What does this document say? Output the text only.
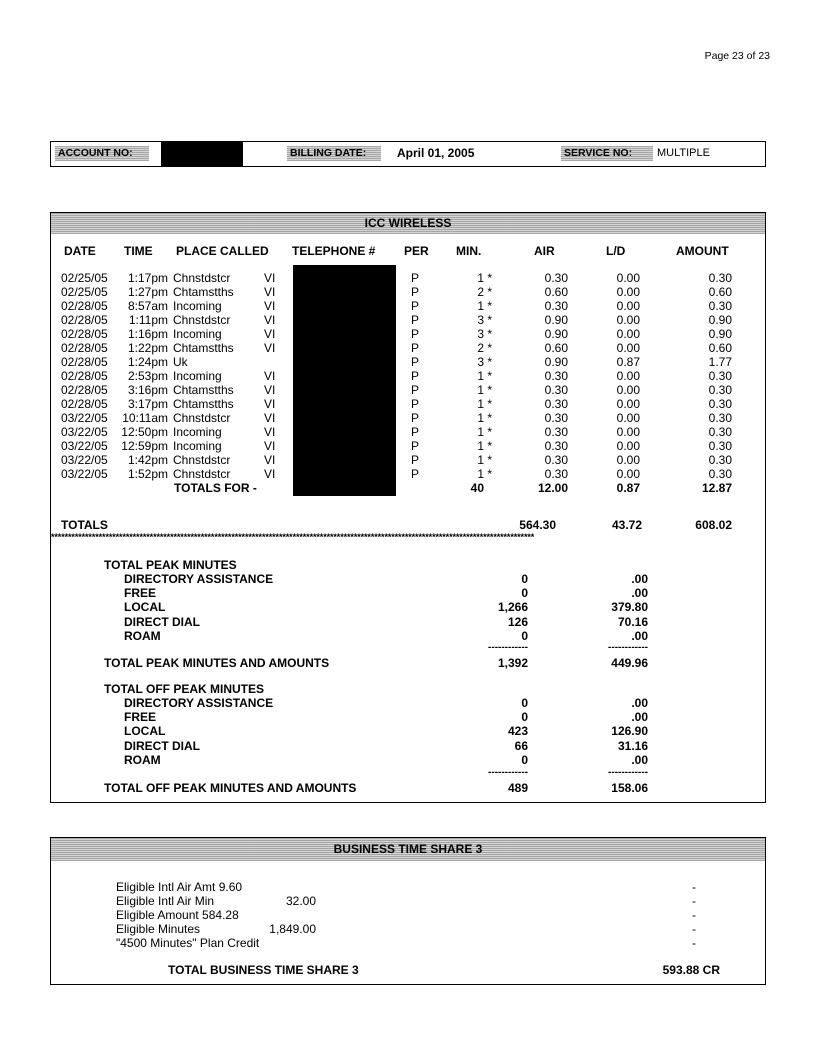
Page 23 of 23
ACCOUNT NO:	BILLING DATE:	April 01, 2005	SERVICE NO:	MULTIPLE
ICC WIRELESS
DATE TIME PLACE CALLED TELEPHONE # PER MIN.	AIR	L/D	AMOUNT
02/25/05	1:17pm Chnstdstcr	VI	P	1 *	0.30	0.00	0.30
02/25/05	1:27pm Chtamstths	VI	P	2 *	0.60	0.00	0.60
02/28/05	8:57am Incoming	VI	P	1 *	0.30	0.00	0.30
02/28/05	1:11pm Chnstdstcr	VI	P	3 *	0.90	0.00	0.90
02/28/05	1:16pm Incoming	VI	P	3 *	0.90	0.00	0.90
02/28/05	1:22pm Chtamstths	VI	P	2 *	0.60	0.00	0.60
02/28/05	1:24pm Uk	P	3 *	0.90	0.87	1.77
02/28/05	2:53pm Incoming	VI	P	1 *	0.30	0.00	0.30
02/28/05	3:16pm Chtamstths	VI	P	1 *	0.30	0.00	0.30
02/28/05	3:17pm Chtamstths	VI	P	1 *	0.30	0.00	0.30
03/22/05	10:11am Chnstdstcr	VI	P	1 *	0.30	0.00	0.30
03/22/05	12:50pm Incoming	VI	P	1 *	0.30	0.00	0.30
03/22/05	12:59pm Incoming	VI	P	1 *	0.30	0.00	0.30
03/22/05	1:42pm Chnstdstcr	VI	P	1 *	0.30	0.00	0.30
03/22/05	1:52pm Chnstdstcr	VI	P	1 *	0.30	0.00	0.30
TOTALS FOR -	40	12.00	0.87	12.87
TOTALS	564.30	43.72	608.02
**********************************************************************************************************************************************
TOTAL PEAK MINUTES
DIRECTORY ASSISTANCE	0	.00
FREE	0	.00
LOCAL	1,266	379.80
DIRECT DIAL	126	70.16
ROAM	0	.00
------------	------------
TOTAL PEAK MINUTES AND AMOUNTS	1,392	449.96
TOTAL OFF PEAK MINUTES
DIRECTORY ASSISTANCE	0	.00
FREE	0	.00
LOCAL	423	126.90
DIRECT DIAL	66	31.16
ROAM	0	.00
------------	------------
TOTAL OFF PEAK MINUTES AND AMOUNTS	489	158.06
BUSINESS TIME SHARE 3
Eligible Intl Air Amt 9.60	-
Eligible Intl Air Min	32.00	-
Eligible Amount 584.28	-
Eligible Minutes	1,849.00	-
"4500 Minutes" Plan Credit	-
TOTAL BUSINESS TIME SHARE 3	593.88 CR
